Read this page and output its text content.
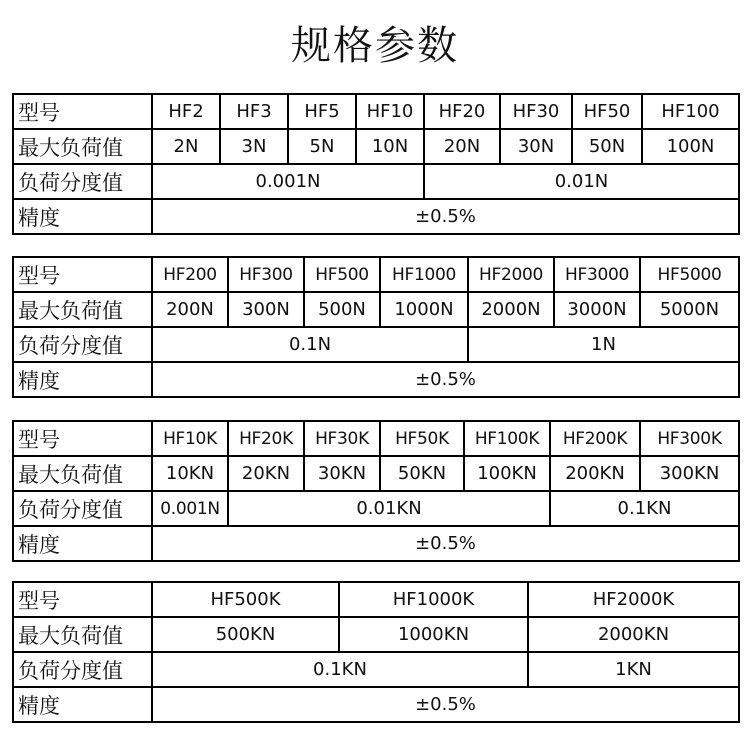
规格参数
型号	HF2	HF3	HF5	HF10	HF20	HF30	HF50	HF100
最大负荷值	2N	3N	5N	10N	20N	30N	50N	100N
负荷分度值	0.001N				0.01N			
精度	±0.5%							
型号	HF200	HF300	HF500	HF1000	HF2000	HF3000	HF5000
最大负荷值	200N	300N	500N	1000N	2000N	3000N	5000N
负荷分度值	0.1N				1N		
精度	±0.5%						
型号	HF10K	HF20K	HF30K	HF50K	HF100K	HF200K	HF300K
最大负荷值	10KN	20KN	30KN	50KN	100KN	200KN	300KN
负荷分度值	0.001N	0.01KN				0.1KN	
精度	±0.5%						
型号	HF500K	HF1000K	HF2000K
最大负荷值	500KN	1000KN	2000KN
负荷分度值	0.1KN		1KN
精度	±0.5%		
